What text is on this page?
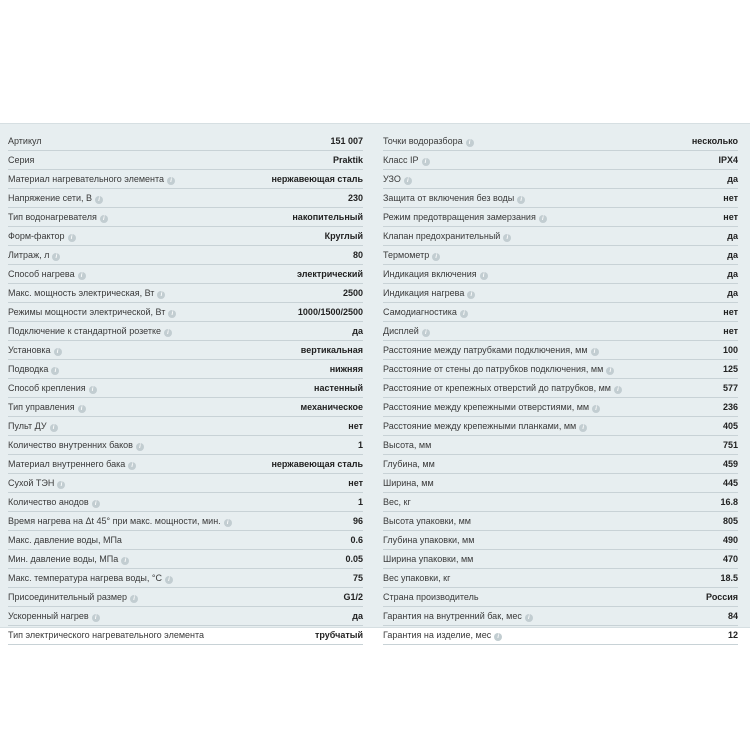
Артикул	151 007
Серия	Praktik
Материал нагревательного элемента i	нержавеющая сталь
Напряжение сети, В i	230
Тип водонагревателя i	накопительный
Форм-фактор i	Круглый
Литраж, л i	80
Способ нагрева i	электрический
Макс. мощность электрическая, Вт i	2500
Режимы мощности электрической, Вт i	1000/1500/2500
Подключение к стандартной розетке i	да
Установка i	вертикальная
Подводка i	нижняя
Способ крепления i	настенный
Тип управления i	механическое
Пульт ДУ i	нет
Количество внутренних баков i	1
Материал внутреннего бака i	нержавеющая сталь
Сухой ТЭН i	нет
Количество анодов i	1
Время нагрева на Δt 45° при макс. мощности, мин. i	96
Макс. давление воды, МПа	0.6
Мин. давление воды, МПа i	0.05
Макс. температура нагрева воды, °С i	75
Присоединительный размер i	G1/2
Ускоренный нагрев i	да
Тип электрического нагревательного элемента	трубчатый
Точки водоразбора i	несколько
Класс IP i	IPX4
УЗО i	да
Защита от включения без воды i	нет
Режим предотвращения замерзания i	нет
Клапан предохранительный i	да
Термометр i	да
Индикация включения i	да
Индикация нагрева i	да
Самодиагностика i	нет
Дисплей i	нет
Расстояние между патрубками подключения, мм i	100
Расстояние от стены до патрубков подключения, мм i	125
Расстояние от крепежных отверстий до патрубков, мм i	577
Расстояние между крепежными отверстиями, мм i	236
Расстояние между крепежными планками, мм i	405
Высота, мм	751
Глубина, мм	459
Ширина, мм	445
Вес, кг	16.8
Высота упаковки, мм	805
Глубина упаковки, мм	490
Ширина упаковки, мм	470
Вес упаковки, кг	18.5
Страна производитель	Россия
Гарантия на внутренний бак, мес i	84
Гарантия на изделие, мес i	12
